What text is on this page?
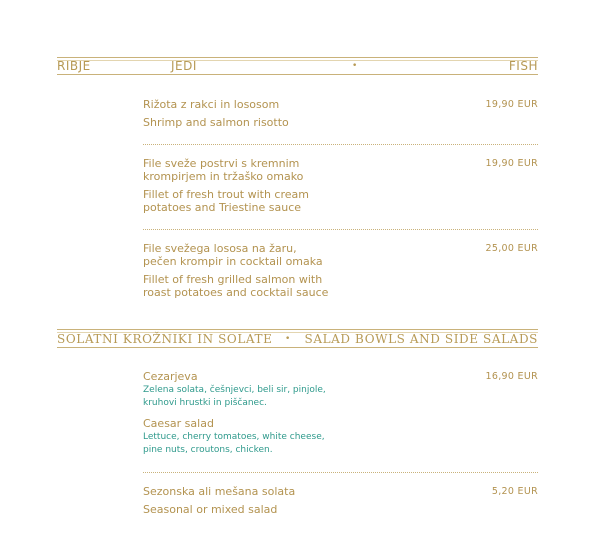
RIBJE	JEDI	•	FISH
Rižota z rakci in lososom
Shrimp and salmon risotto
19,90 EUR
File sveže postrvi s kremnim krompirjem in tržaško omako
Fillet of fresh trout with cream potatoes and Triestine sauce
19,90 EUR
File svežega lososa na žaru, pečen krompir in cocktail omaka
Fillet of fresh grilled salmon with roast potatoes and cocktail sauce
25,00 EUR
SOLATNI KROŽNIKI IN SOLATE • SALAD BOWLS AND SIDE SALADS
Cezarjeva
Zelena solata, češnjevci, beli sir, pinjole, kruhovi hrustki in piščanec.
Caesar salad
Lettuce, cherry tomatoes, white cheese, pine nuts, croutons, chicken.
16,90 EUR
Sezonska ali mešana solata
Seasonal or mixed salad
5,20 EUR
